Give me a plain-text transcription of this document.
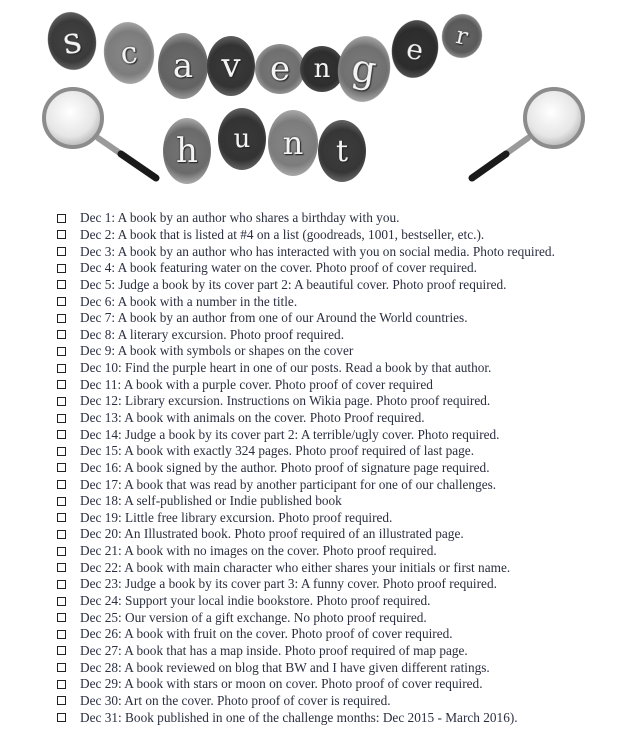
s c a v e n g e r
h u n t
Dec 1: A book by an author who shares a birthday with you.
Dec 2: A book that is listed at #4 on a list (goodreads, 1001, bestseller, etc.).
Dec 3: A book by an author who has interacted with you on social media. Photo required.
Dec 4: A book featuring water on the cover. Photo proof of cover required.
Dec 5: Judge a book by its cover part 2: A beautiful cover. Photo proof required.
Dec 6: A book with a number in the title.
Dec 7: A book by an author from one of our Around the World countries.
Dec 8: A literary excursion. Photo proof required.
Dec 9: A book with symbols or shapes on the cover
Dec 10: Find the purple heart in one of our posts. Read a book by that author.
Dec 11: A book with a purple cover. Photo proof of cover required
Dec 12: Library excursion. Instructions on Wikia page. Photo proof required.
Dec 13: A book with animals on the cover. Photo Proof required.
Dec 14: Judge a book by its cover part 2: A terrible/ugly cover. Photo required.
Dec 15: A book with exactly 324 pages. Photo proof required of last page.
Dec 16: A book signed by the author. Photo proof of signature page required.
Dec 17: A book that was read by another participant for one of our challenges.
Dec 18: A self-published or Indie published book
Dec 19: Little free library excursion. Photo proof required.
Dec 20: An Illustrated book. Photo proof required of an illustrated page.
Dec 21: A book with no images on the cover. Photo proof required.
Dec 22: A book with main character who either shares your initials or first name.
Dec 23: Judge a book by its cover part 3: A funny cover. Photo proof required.
Dec 24: Support your local indie bookstore. Photo proof required.
Dec 25: Our version of a gift exchange. No photo proof required.
Dec 26: A book with fruit on the cover. Photo proof of cover required.
Dec 27: A book that has a map inside. Photo proof required of map page.
Dec 28: A book reviewed on blog that BW and I have given different ratings.
Dec 29: A book with stars or moon on cover. Photo proof of cover required.
Dec 30: Art on the cover. Photo proof of cover is required.
Dec 31: Book published in one of the challenge months: Dec 2015 - March 2016).
